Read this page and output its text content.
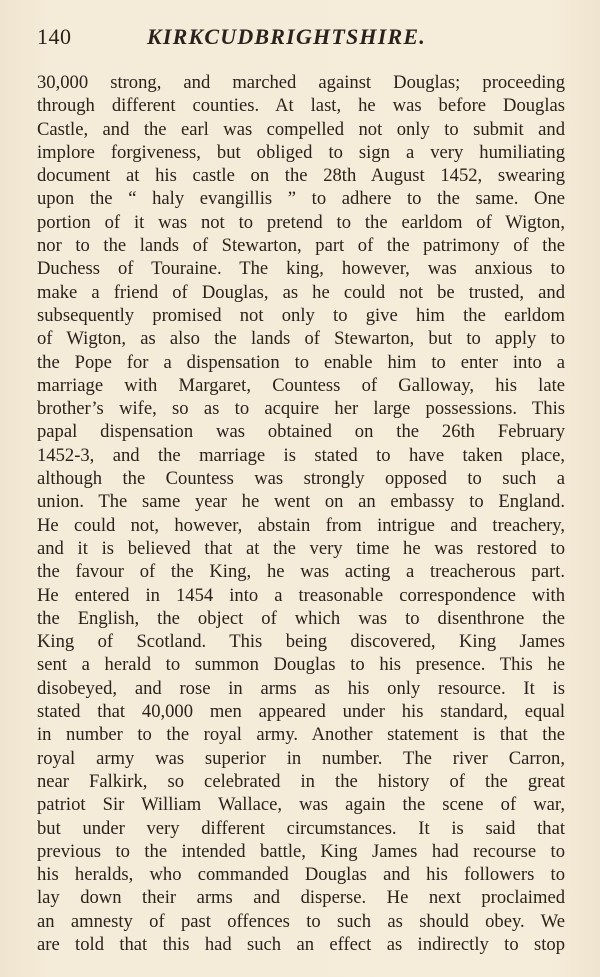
140	KIRKCUDBRIGHTSHIRE.
30,000 strong, and marched against Douglas; proceeding
through different counties. At last, he was before Douglas
Castle, and the earl was compelled not only to submit and
implore forgiveness, but obliged to sign a very humiliating
document at his castle on the 28th August 1452, swearing
upon the “ haly evangillis ” to adhere to the same. One
portion of it was not to pretend to the earldom of Wigton,
nor to the lands of Stewarton, part of the patrimony of the
Duchess of Touraine. The king, however, was anxious to
make a friend of Douglas, as he could not be trusted, and
subsequently promised not only to give him the earldom
of Wigton, as also the lands of Stewarton, but to apply to
the Pope for a dispensation to enable him to enter into a
marriage with Margaret, Countess of Galloway, his late
brother’s wife, so as to acquire her large possessions. This
papal dispensation was obtained on the 26th February
1452-3, and the marriage is stated to have taken place,
although the Countess was strongly opposed to such a
union. The same year he went on an embassy to England.
He could not, however, abstain from intrigue and treachery,
and it is believed that at the very time he was restored to
the favour of the King, he was acting a treacherous part.
He entered in 1454 into a treasonable correspondence with
the English, the object of which was to disenthrone the
King of Scotland. This being discovered, King James
sent a herald to summon Douglas to his presence. This he
disobeyed, and rose in arms as his only resource. It is
stated that 40,000 men appeared under his standard, equal
in number to the royal army. Another statement is that the
royal army was superior in number. The river Carron,
near Falkirk, so celebrated in the history of the great
patriot Sir William Wallace, was again the scene of war,
but under very different circumstances. It is said that
previous to the intended battle, King James had recourse to
his heralds, who commanded Douglas and his followers to
lay down their arms and disperse. He next proclaimed
an amnesty of past offences to such as should obey. We
are told that this had such an effect as indirectly to stop
